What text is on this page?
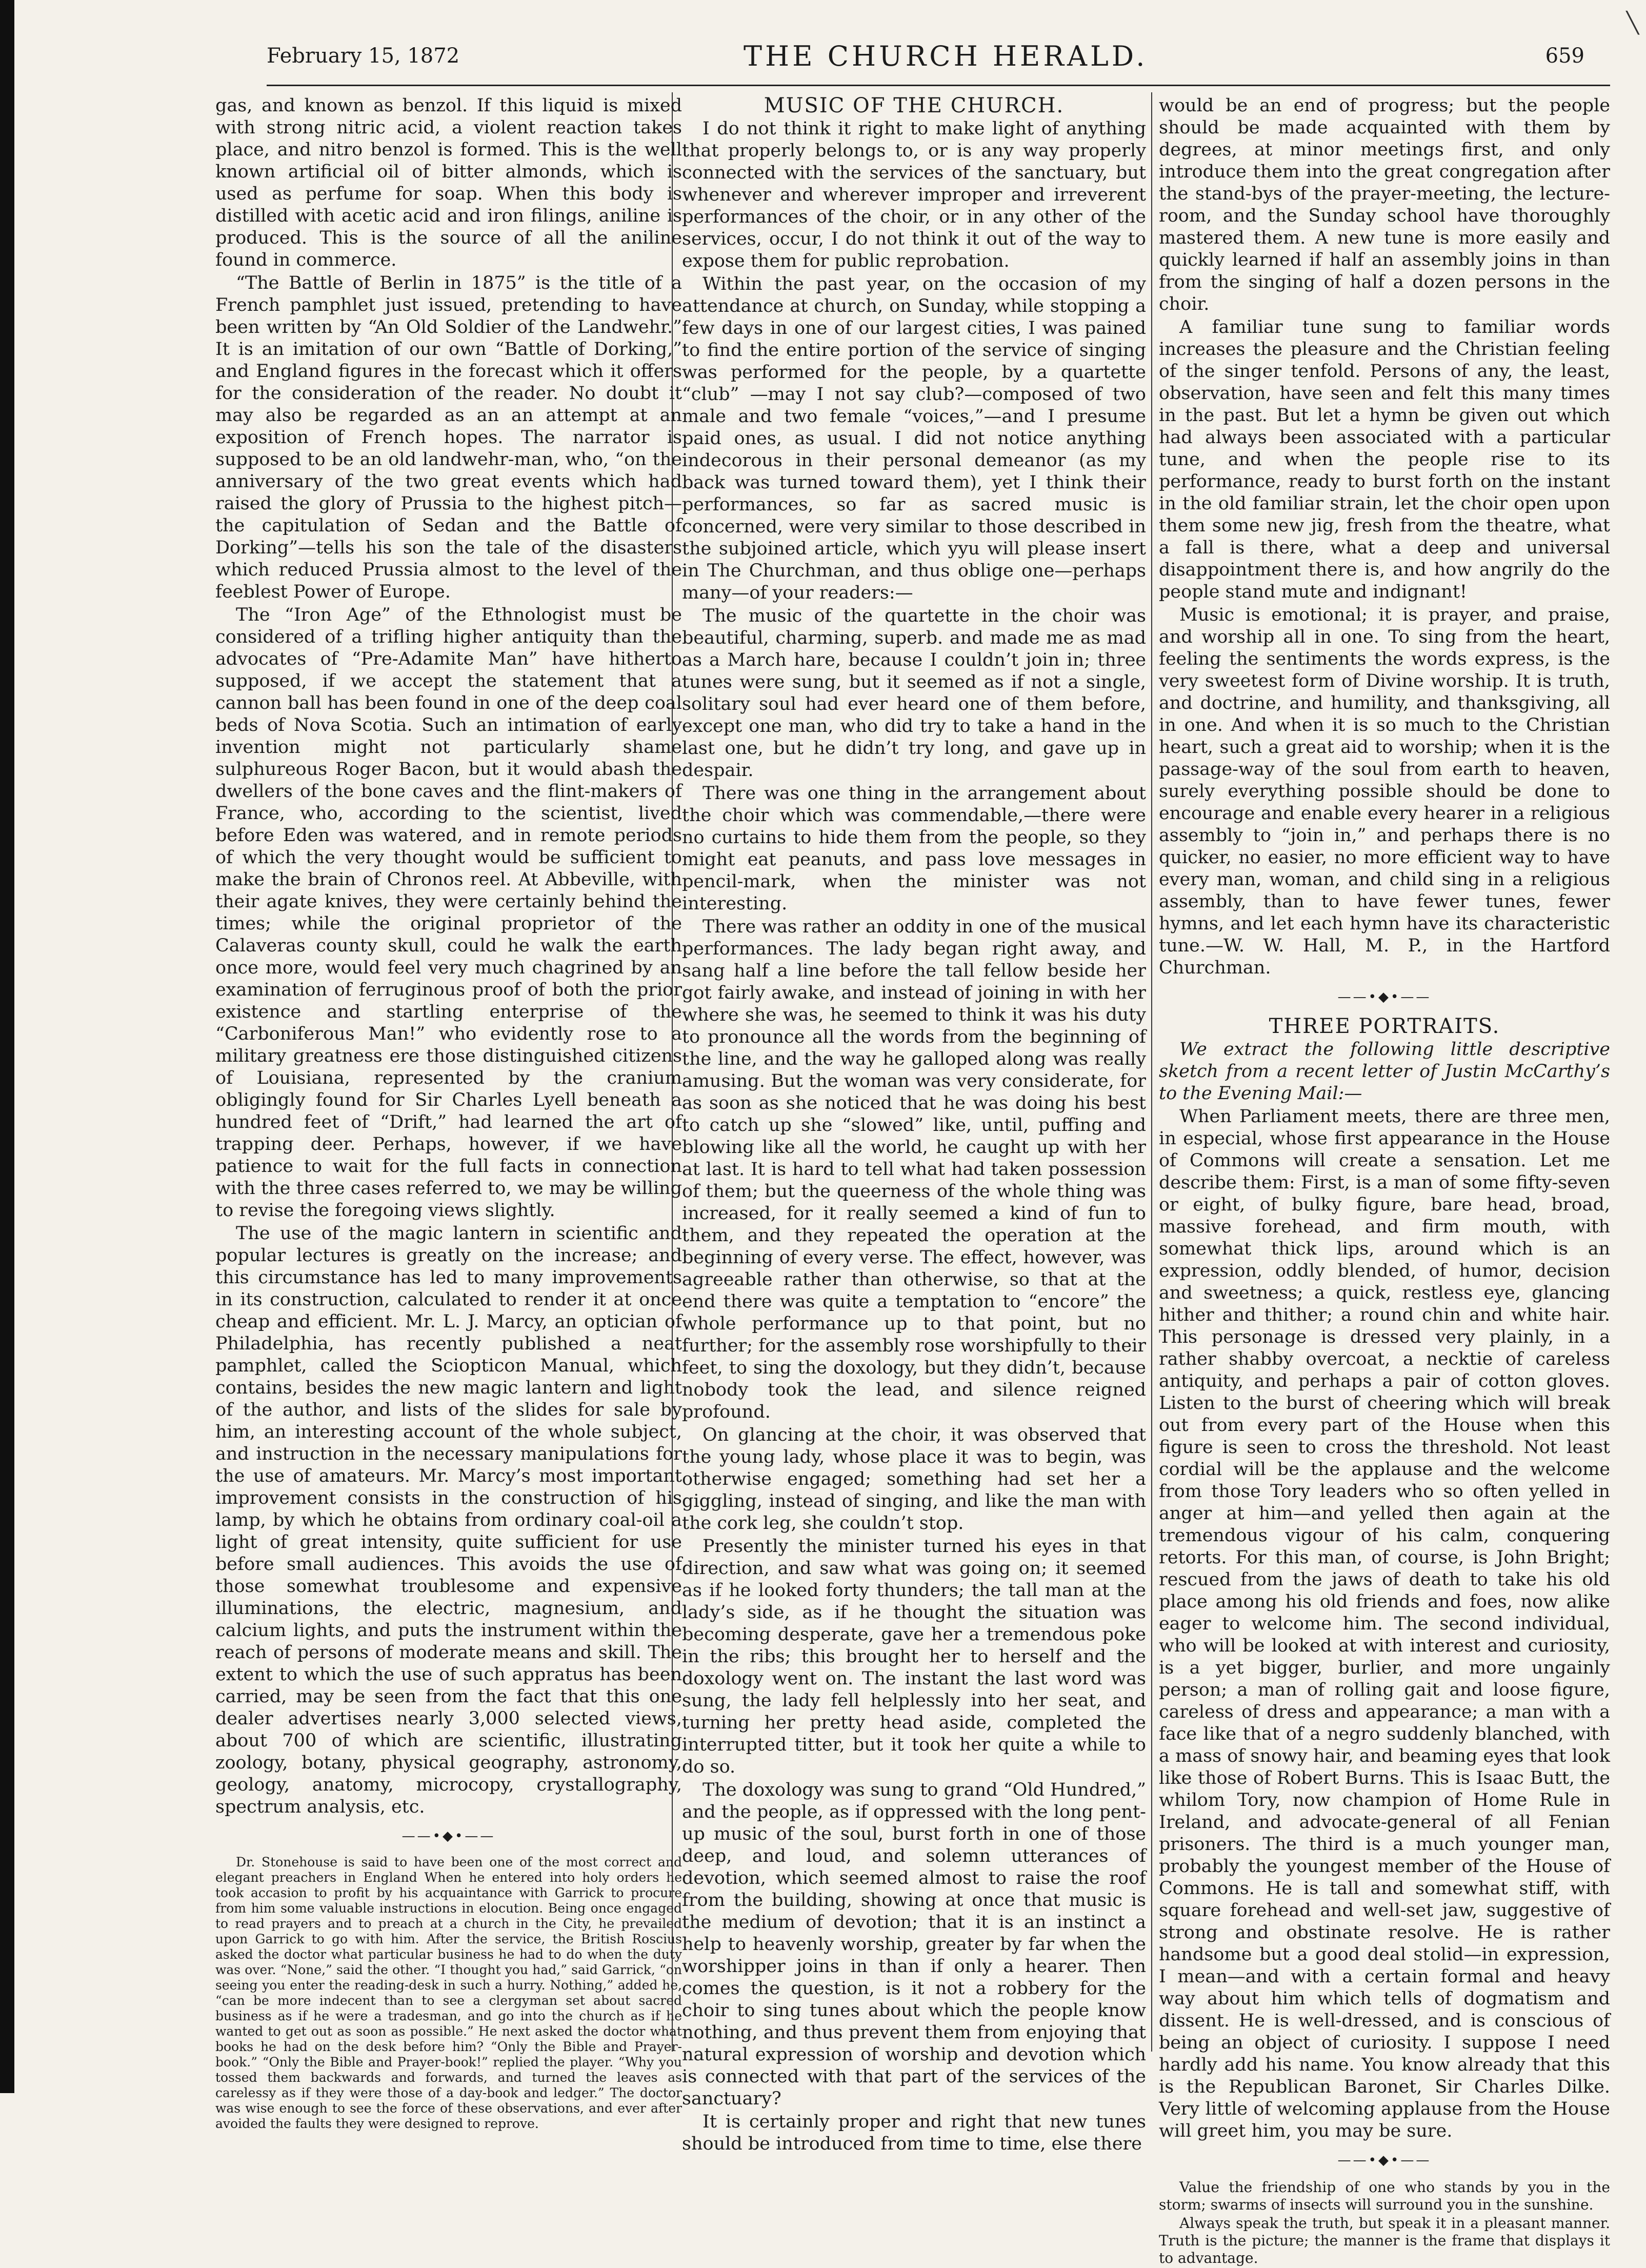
╲
February 15, 1872	THE CHURCH HERALD.	659

gas, and known as benzol. If this liquid is mixed with strong nitric acid, a violent reaction takes place, and nitro benzol is formed. This is the well known artificial oil of bitter almonds, which is used as perfume for soap. When this body is distilled with acetic acid and iron filings, aniline is produced. This is the source of all the aniline found in commerce.

“The Battle of Berlin in 1875” is the title of a French pamphlet just issued, pretending to have been written by “An Old Soldier of the Landwehr.” It is an imitation of our own “Battle of Dorking,” and England figures in the forecast which it offers for the consideration of the reader. No doubt it may also be regarded as an an attempt at an exposition of French hopes. The narrator is supposed to be an old landwehr-man, who, “on the anniversary of the two great events which had raised the glory of Prussia to the highest pitch—the capitulation of Sedan and the Battle of Dorking”—tells his son the tale of the disasters which reduced Prussia almost to the level of the feeblest Power of Europe.

The “Iron Age” of the Ethnologist must be considered of a trifling higher antiquity than the advocates of “Pre-Adamite Man” have hitherto supposed, if we accept the statement that a cannon ball has been found in one of the deep coal beds of Nova Scotia. Such an intimation of early invention might not particularly shame sulphureous Roger Bacon, but it would abash the dwellers of the bone caves and the flint-makers of France, who, according to the scientist, lived before Eden was watered, and in remote periods of which the very thought would be sufficient to make the brain of Chronos reel. At Abbeville, with their agate knives, they were certainly behind the times; while the original proprietor of the Calaveras county skull, could he walk the earth once more, would feel very much chagrined by an examination of ferruginous proof of both the prior existence and startling enterprise of the “Carboniferous Man!” who evidently rose to a military greatness ere those distinguished citizens of Louisiana, represented by the cranium obligingly found for Sir Charles Lyell beneath a hundred feet of “Drift,” had learned the art of trapping deer. Perhaps, however, if we have patience to wait for the full facts in connection with the three cases referred to, we may be willing to revise the foregoing views slightly.

The use of the magic lantern in scientific and popular lectures is greatly on the increase; and this circumstance has led to many improvements in its construction, calculated to render it at once cheap and efficient. Mr. L. J. Marcy, an optician of Philadelphia, has recently published a neat pamphlet, called the Sciopticon Manual, which contains, besides the new magic lantern and light of the author, and lists of the slides for sale by him, an interesting account of the whole subject, and instruction in the necessary manipulations for the use of amateurs. Mr. Marcy’s most important improvement consists in the construction of his lamp, by which he obtains from ordinary coal-oil a light of great intensity, quite sufficient for use before small audiences. This avoids the use of those somewhat troublesome and expensive illuminations, the electric, magnesium, and calcium lights, and puts the instrument within the reach of persons of moderate means and skill. The extent to which the use of such appratus has been carried, may be seen from the fact that this one dealer advertises nearly 3,000 selected views, about 700 of which are scientific, illustrating zoology, botany, physical geography, astronomy, geology, anatomy, microcopy, crystallography, spectrum analysis, etc.

——•◆•——

Dr. Stonehouse is said to have been one of the most correct and elegant preachers in England When he entered into holy orders he took accasion to profit by his acquaintance with Garrick to procure from him some valuable instructions in elocution. Being once engaged to read prayers and to preach at a church in the City, he prevailed upon Garrick to go with him. After the service, the British Roscius asked the doctor what particular business he had to do when the duty was over. “None,” said the other. “I thought you had,” said Garrick, “on seeing you enter the reading-desk in such a hurry. Nothing,” added he, “can be more indecent than to see a clergyman set about sacred business as if he were a tradesman, and go into the church as if he wanted to get out as soon as possible.” He next asked the doctor what books he had on the desk before him? “Only the Bible and Prayer-book.” “Only the Bible and Prayer-book!” replied the player. “Why you tossed them backwards and forwards, and turned the leaves as carelessy as if they were those of a day-book and ledger.” The doctor was wise enough to see the force of these observations, and ever after avoided the faults they were designed to reprove.

MUSIC OF THE CHURCH.

I do not think it right to make light of anything that properly belongs to, or is any way properly connected with the services of the sanctuary, but whenever and wherever improper and irreverent performances of the choir, or in any other of the services, occur, I do not think it out of the way to expose them for public reprobation.

Within the past year, on the occasion of my attendance at church, on Sunday, while stopping a few days in one of our largest cities, I was pained to find the entire portion of the service of singing was performed for the people, by a quartette “club” —may I not say club?—composed of two male and two female “voices,”—and I presume paid ones, as usual. I did not notice anything indecorous in their personal demeanor (as my back was turned toward them), yet I think their performances, so far as sacred music is concerned, were very similar to those described in the subjoined article, which yyu will please insert in The Churchman, and thus oblige one—perhaps many—of your readers:—

The music of the quartette in the choir was beautiful, charming, superb. and made me as mad as a March hare, because I couldn’t join in; three tunes were sung, but it seemed as if not a single, solitary soul had ever heard one of them before, except one man, who did try to take a hand in the last one, but he didn’t try long, and gave up in despair.

There was one thing in the arrangement about the choir which was commendable,—there were no curtains to hide them from the people, so they might eat peanuts, and pass love messages in pencil-mark, when the minister was not interesting.

There was rather an oddity in one of the musical performances. The lady began right away, and sang half a line before the tall fellow beside her got fairly awake, and instead of joining in with her where she was, he seemed to think it was his duty to pronounce all the words from the beginning of the line, and the way he galloped along was really amusing. But the woman was very considerate, for as soon as she noticed that he was doing his best to catch up she “slowed” like, until, puffing and blowing like all the world, he caught up with her at last. It is hard to tell what had taken possession of them; but the queerness of the whole thing was increased, for it really seemed a kind of fun to them, and they repeated the operation at the beginning of every verse. The effect, however, was agreeable rather than otherwise, so that at the end there was quite a temptation to “encore” the whole performance up to that point, but no further; for the assembly rose worshipfully to their feet, to sing the doxology, but they didn’t, because nobody took the lead, and silence reigned profound.

On glancing at the choir, it was observed that the young lady, whose place it was to begin, was otherwise engaged; something had set her a giggling, instead of singing, and like the man with the cork leg, she couldn’t stop.

Presently the minister turned his eyes in that direction, and saw what was going on; it seemed as if he looked forty thunders; the tall man at the lady’s side, as if he thought the situation was becoming desperate, gave her a tremendous poke in the ribs; this brought her to herself and the doxology went on. The instant the last word was sung, the lady fell helplessly into her seat, and turning her pretty head aside, completed the interrupted titter, but it took her quite a while to do so.

The doxology was sung to grand “Old Hundred,” and the people, as if oppressed with the long pent-up music of the soul, burst forth in one of those deep, and loud, and solemn utterances of devotion, which seemed almost to raise the roof from the building, showing at once that music is the medium of devotion; that it is an instinct a help to heavenly worship, greater by far when the worshipper joins in than if only a hearer. Then comes the question, is it not a robbery for the choir to sing tunes about which the people know nothing, and thus prevent them from enjoying that natural expression of worship and devotion which is connected with that part of the services of the sanctuary?

It is certainly proper and right that new tunes should be introduced from time to time, else there

would be an end of progress; but the people should be made acquainted with them by degrees, at minor meetings first, and only introduce them into the great congregation after the stand-bys of the prayer-meeting, the lecture-room, and the Sunday school have thoroughly mastered them. A new tune is more easily and quickly learned if half an assembly joins in than from the singing of half a dozen persons in the choir.

A familiar tune sung to familiar words increases the pleasure and the Christian feeling of the singer tenfold. Persons of any, the least, observation, have seen and felt this many times in the past. But let a hymn be given out which had always been associated with a particular tune, and when the people rise to its performance, ready to burst forth on the instant in the old familiar strain, let the choir open upon them some new jig, fresh from the theatre, what a fall is there, what a deep and universal disappointment there is, and how angrily do the people stand mute and indignant!

Music is emotional; it is prayer, and praise, and worship all in one. To sing from the heart, feeling the sentiments the words express, is the very sweetest form of Divine worship. It is truth, and doctrine, and humility, and thanksgiving, all in one. And when it is so much to the Christian heart, such a great aid to worship; when it is the passage-way of the soul from earth to heaven, surely everything possible should be done to encourage and enable every hearer in a religious assembly to “join in,” and perhaps there is no quicker, no easier, no more efficient way to have every man, woman, and child sing in a religious assembly, than to have fewer tunes, fewer hymns, and let each hymn have its characteristic tune.—W. W. Hall, M. P., in the Hartford Churchman.

——•◆•——

THREE PORTRAITS.

We extract the following little descriptive sketch from a recent letter of Justin McCarthy’s to the Evening Mail:—

When Parliament meets, there are three men, in especial, whose first appearance in the House of Commons will create a sensation. Let me describe them: First, is a man of some fifty-seven or eight, of bulky figure, bare head, broad, massive forehead, and firm mouth, with somewhat thick lips, around which is an expression, oddly blended, of humor, decision and sweetness; a quick, restless eye, glancing hither and thither; a round chin and white hair. This personage is dressed very plainly, in a rather shabby overcoat, a necktie of careless antiquity, and perhaps a pair of cotton gloves. Listen to the burst of cheering which will break out from every part of the House when this figure is seen to cross the threshold. Not least cordial will be the applause and the welcome from those Tory leaders who so often yelled in anger at him—and yelled then again at the tremendous vigour of his calm, conquering retorts. For this man, of course, is John Bright; rescued from the jaws of death to take his old place among his old friends and foes, now alike eager to welcome him. The second individual, who will be looked at with interest and curiosity, is a yet bigger, burlier, and more ungainly person; a man of rolling gait and loose figure, careless of dress and appearance; a man with a face like that of a negro suddenly blanched, with a mass of snowy hair, and beaming eyes that look like those of Robert Burns. This is Isaac Butt, the whilom Tory, now champion of Home Rule in Ireland, and advocate-general of all Fenian prisoners. The third is a much younger man, probably the youngest member of the House of Commons. He is tall and somewhat stiff, with square forehead and well-set jaw, suggestive of strong and obstinate resolve. He is rather handsome but a good deal stolid—in expression, I mean—and with a certain formal and heavy way about him which tells of dogmatism and dissent. He is well-dressed, and is conscious of being an object of curiosity. I suppose I need hardly add his name. You know already that this is the Republican Baronet, Sir Charles Dilke. Very little of welcoming applause from the House will greet him, you may be sure.

——•◆•——

Value the friendship of one who stands by you in the storm; swarms of insects will surround you in the sunshine.

Always speak the truth, but speak it in a pleasant manner. Truth is the picture; the manner is the frame that displays it to advantage.
